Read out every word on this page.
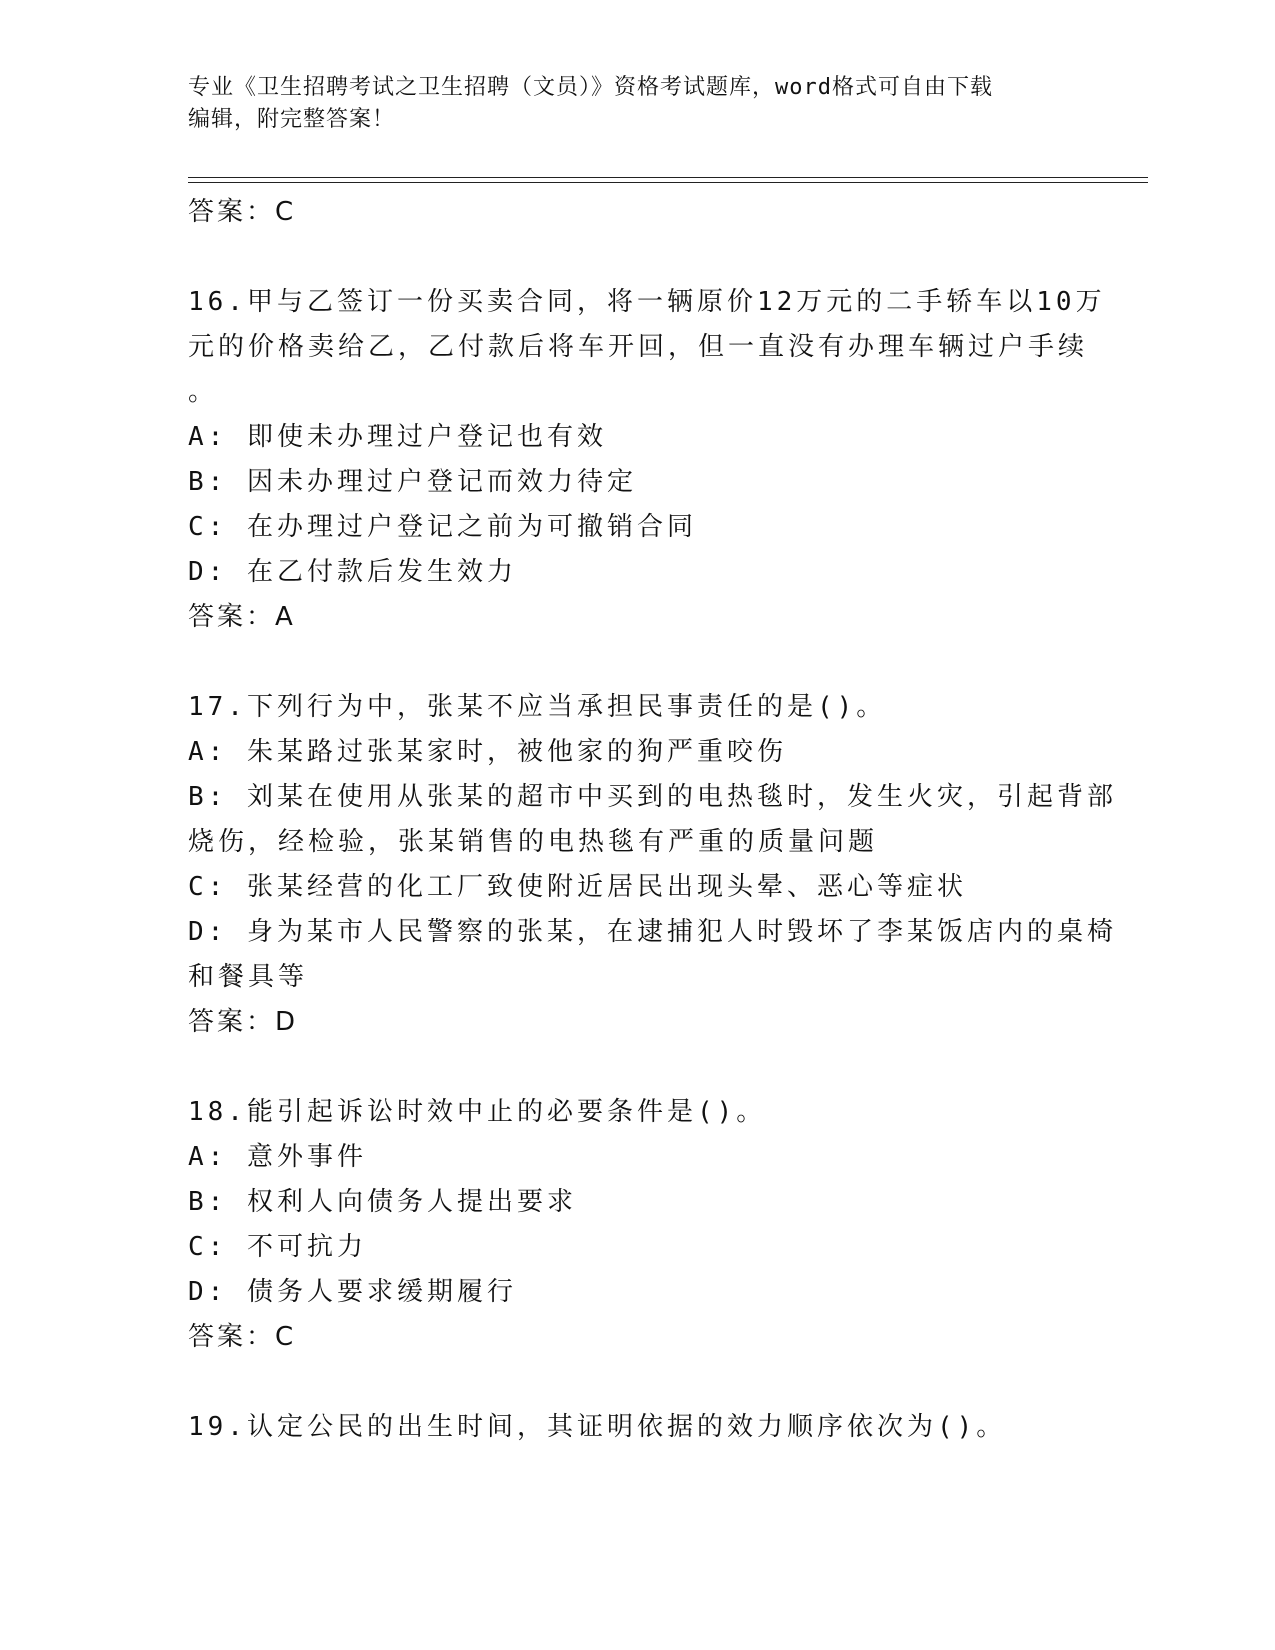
专业《卫生招聘考试之卫生招聘（文员）》资格考试题库，word格式可自由下载
编辑，附完整答案！
答案：C
16.甲与乙签订一份买卖合同，将一辆原价12万元的二手轿车以10万
元的价格卖给乙，乙付款后将车开回，但一直没有办理车辆过户手续
。
A: 即使未办理过户登记也有效
B: 因未办理过户登记而效力待定
C: 在办理过户登记之前为可撤销合同
D: 在乙付款后发生效力
答案：A
17.下列行为中，张某不应当承担民事责任的是()。
A: 朱某路过张某家时，被他家的狗严重咬伤
B: 刘某在使用从张某的超市中买到的电热毯时，发生火灾，引起背部
烧伤，经检验，张某销售的电热毯有严重的质量问题
C: 张某经营的化工厂致使附近居民出现头晕、恶心等症状
D: 身为某市人民警察的张某，在逮捕犯人时毁坏了李某饭店内的桌椅
和餐具等
答案：D
18.能引起诉讼时效中止的必要条件是()。
A: 意外事件
B: 权利人向债务人提出要求
C: 不可抗力
D: 债务人要求缓期履行
答案：C
19.认定公民的出生时间，其证明依据的效力顺序依次为()。
